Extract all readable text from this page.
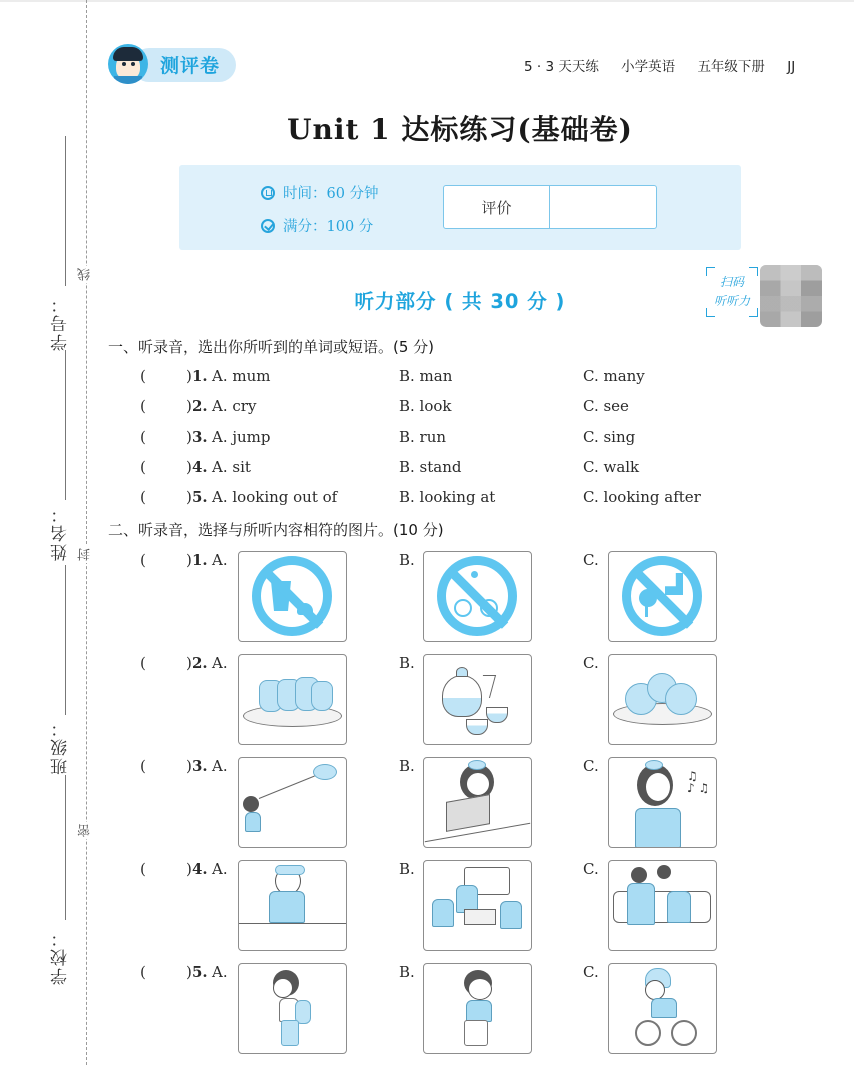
线
封
密
学号：
姓名：
班级：
学校：
测评卷	5 · 3 天天练 小学英语 五年级下册 JJ
Unit 1 达标练习(基础卷)
时间：60 分钟
满分：100 分
评价
听力部分 ( 共 30 分 )
扫码
听听力
一、听录音，选出你所听到的单词或短语。(5 分)
(	) 1. A. mum	B. man	C. many
(	) 2. A. cry	B. look	C. see
(	) 3. A. jump	B. run	C. sing
(	) 4. A. sit	B. stand	C. walk
(	) 5. A. looking out of	B. looking at	C. looking after
二、听录音，选择与所听内容相符的图片。(10 分)
(	) 1. A.	B.	C.
(	) 2. A.	B.	C.
(	) 3. A.	B.	C.
♫
♪ ♫
(	) 4. A.	B.	C.
(	) 5. A.	B.	C.
